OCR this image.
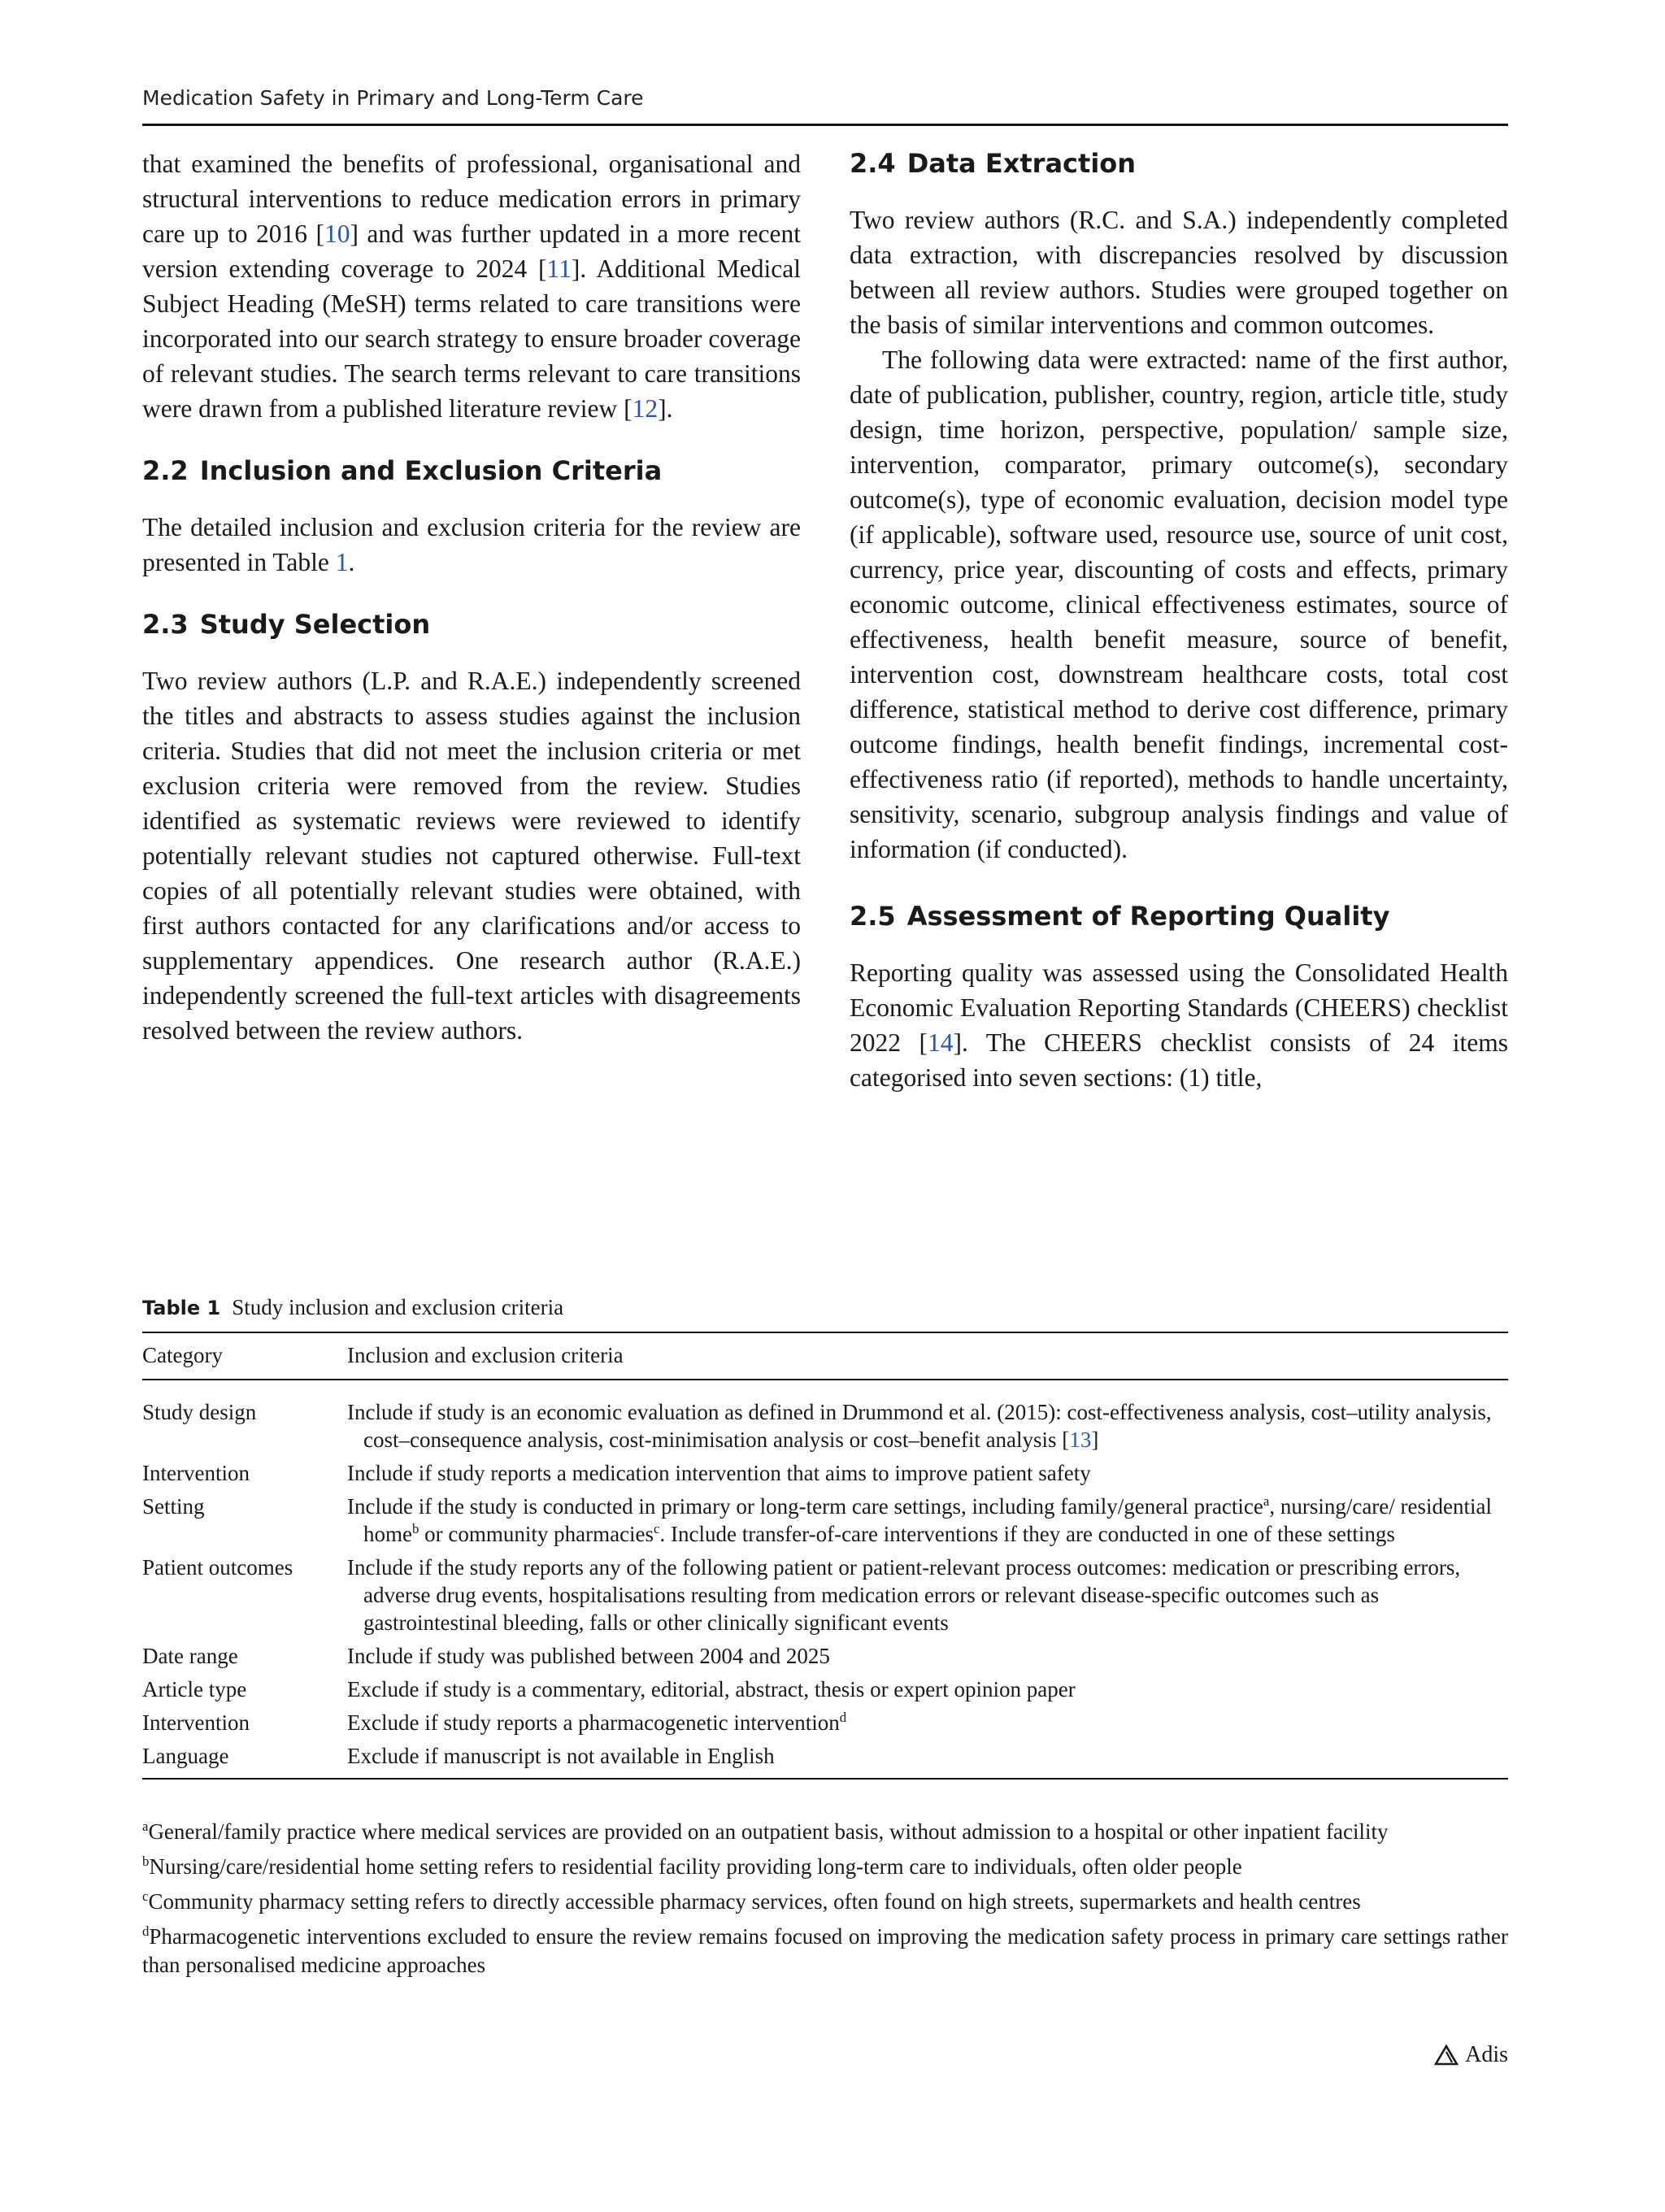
Medication Safety in Primary and Long-Term Care

that examined the benefits of professional, organisational and structural interventions to reduce medication errors in primary care up to 2016 [10] and was further updated in a more recent version extending coverage to 2024 [11]. Additional Medical Subject Heading (MeSH) terms related to care transitions were incorporated into our search strategy to ensure broader coverage of relevant studies. The search terms relevant to care transitions were drawn from a published literature review [12].

2.2 Inclusion and Exclusion Criteria

The detailed inclusion and exclusion criteria for the review are presented in Table 1.

2.3 Study Selection

Two review authors (L.P. and R.A.E.) independently screened the titles and abstracts to assess studies against the inclusion criteria. Studies that did not meet the inclusion criteria or met exclusion criteria were removed from the review. Studies identified as systematic reviews were reviewed to identify potentially relevant studies not captured otherwise. Full-text copies of all potentially relevant studies were obtained, with first authors contacted for any clarifications and/or access to supplementary appendices. One research author (R.A.E.) independently screened the full-text articles with disagreements resolved between the review authors.

2.4 Data Extraction

Two review authors (R.C. and S.A.) independently completed data extraction, with discrepancies resolved by discussion between all review authors. Studies were grouped together on the basis of similar interventions and common outcomes.

The following data were extracted: name of the first author, date of publication, publisher, country, region, article title, study design, time horizon, perspective, population/ sample size, intervention, comparator, primary outcome(s), secondary outcome(s), type of economic evaluation, decision model type (if applicable), software used, resource use, source of unit cost, currency, price year, discounting of costs and effects, primary economic outcome, clinical effectiveness estimates, source of effectiveness, health benefit measure, source of benefit, intervention cost, downstream healthcare costs, total cost difference, statistical method to derive cost difference, primary outcome findings, health benefit findings, incremental cost-effectiveness ratio (if reported), methods to handle uncertainty, sensitivity, scenario, subgroup analysis findings and value of information (if conducted).

2.5 Assessment of Reporting Quality

Reporting quality was assessed using the Consolidated Health Economic Evaluation Reporting Standards (CHEERS) checklist 2022 [14]. The CHEERS checklist consists of 24 items categorised into seven sections: (1) title,

Table 1 Study inclusion and exclusion criteria
Category	Inclusion and exclusion criteria
Study design	Include if study is an economic evaluation as defined in Drummond et al. (2015): cost-effectiveness analysis, cost–utility analysis, cost–consequence analysis, cost-minimisation analysis or cost–benefit analysis [13]
Intervention	Include if study reports a medication intervention that aims to improve patient safety
Setting	Include if the study is conducted in primary or long-term care settings, including family/general practice$^a$, nursing/care/ residential home$^b$ or community pharmacies$^c$. Include transfer-of-care interventions if they are conducted in one of these settings
Patient outcomes	Include if the study reports any of the following patient or patient-relevant process outcomes: medication or prescribing errors, adverse drug events, hospitalisations resulting from medication errors or relevant disease-specific outcomes such as gastrointestinal bleeding, falls or other clinically significant events
Date range	Include if study was published between 2004 and 2025
Article type	Exclude if study is a commentary, editorial, abstract, thesis or expert opinion paper
Intervention	Exclude if study reports a pharmacogenetic intervention$^d$
Language	Exclude if manuscript is not available in English

$^a$General/family practice where medical services are provided on an outpatient basis, without admission to a hospital or other inpatient facility

$^b$Nursing/care/residential home setting refers to residential facility providing long-term care to individuals, often older people

$^c$Community pharmacy setting refers to directly accessible pharmacy services, often found on high streets, supermarkets and health centres

$^d$Pharmacogenetic interventions excluded to ensure the review remains focused on improving the medication safety process in primary care settings rather than personalised medicine approaches

Adis
